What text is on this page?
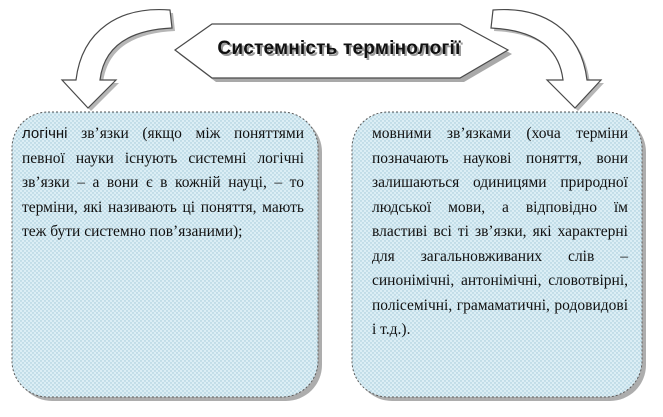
Системність термінології
логічні зв’язки (якщо між поняттями певної науки існують системні логічні зв’язки – а вони є в кожній науці, – то терміни, які називають ці поняття, мають теж бути системно пов’язаними);
мовними зв’язками (хоча терміни позначають наукові поняття, вони залишаються одиницями природної людської мови, а відповідно їм властиві всі ті зв’язки, які характерні для загальновживаних слів – синонімічні, антонімічні, словотвірні, полісемічні, грамаматичні, родовидові і т.д.).
